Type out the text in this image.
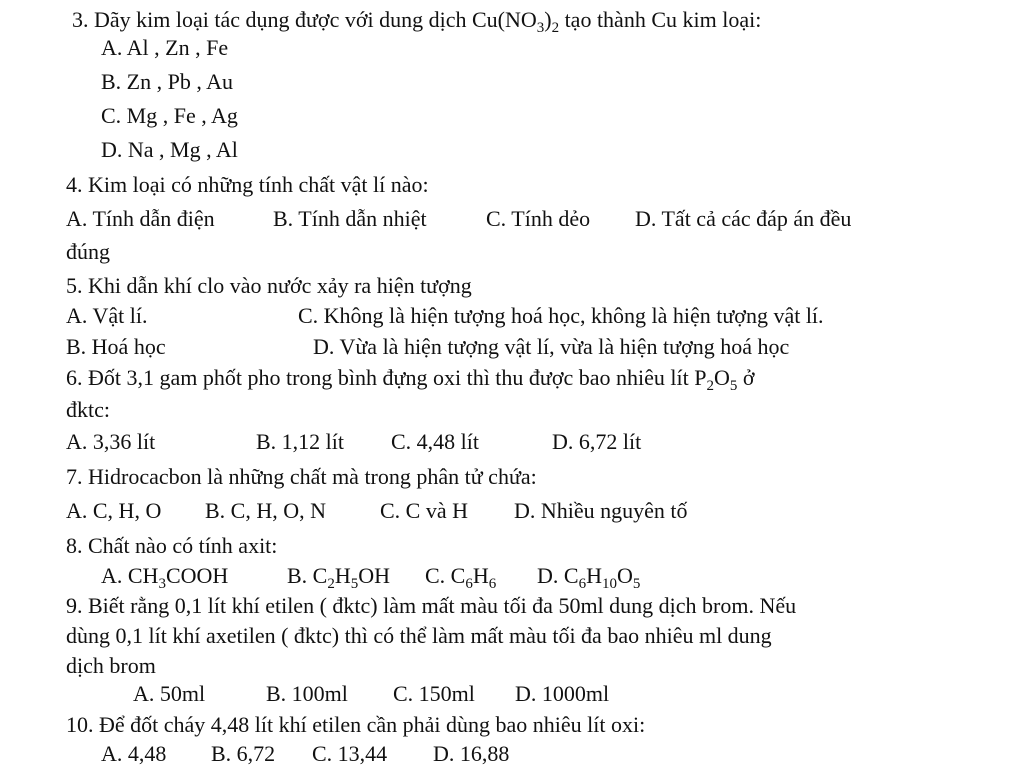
3. Dãy kim loại tác dụng được với dung dịch $Cu(NO_3)_2$ tạo thành Cu kim loại:
A. Al , Zn , Fe
B. Zn , Pb , Au
C. Mg , Fe , Ag
D. Na , Mg , Al
4. Kim loại có những tính chất vật lí nào:
A. Tính dẫn điện	B. Tính dẫn nhiệt	C. Tính dẻo D. Tất cả các đáp án đều
đúng
5. Khi dẫn khí clo vào nước xảy ra hiện tượng
A. Vật lí.	C. Không là hiện tượng hoá học, không là hiện tượng vật lí.
B. Hoá học	D. Vừa là hiện tượng vật lí, vừa là hiện tượng hoá học
6. Đốt 3,1 gam phốt pho trong bình đựng oxi thì thu được bao nhiêu lít $P_2O_5$ ở
đktc:
A. 3,36 lít	B. 1,12 lít C. 4,48 lít	D. 6,72 lít
7. Hidrocacbon là những chất mà trong phân tử chứa:
A. C, H, O B. C, H, O, N C. C và H D. Nhiều nguyên tố
8. Chất nào có tính axit:
A. $CH_3COOH$	B. $C_2H_5OH$ C. $C_6H_6$ D. $C_6H_{10}O_5$
9. Biết rằng 0,1 lít khí etilen ( đktc) làm mất màu tối đa 50ml dung dịch brom. Nếu
dùng 0,1 lít khí axetilen ( đktc) thì có thể làm mất màu tối đa bao nhiêu ml dung
dịch brom
A. 50ml	B. 100ml C. 150ml D. 1000ml
10. Để đốt cháy 4,48 lít khí etilen cần phải dùng bao nhiêu lít oxi:
A. 4,48 B. 6,72 C. 13,44 D. 16,88
